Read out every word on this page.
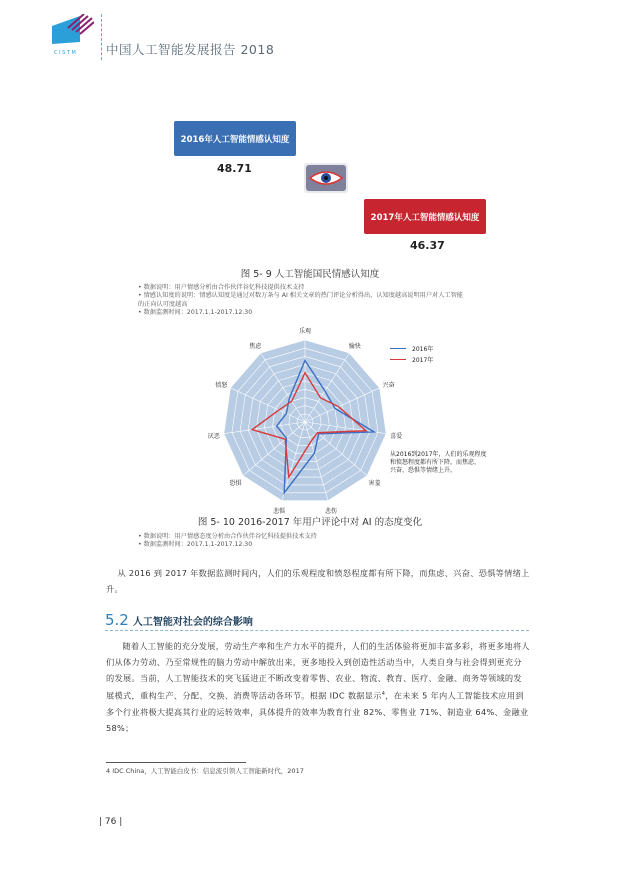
C I S T M 中国人工智能发展报告 2018
2016年人工智能情感认知度
48.71
2017年人工智能情感认知度
46.37
图 5- 9 人工智能国民情感认知度
• 数据说明：用户情感分析由合作伙伴谷忆科技提供技术支持
• 情感认知度的说明：情感认知度是通过对数万条与 AI 相关文章的热门评论分析得出，认知度越高说明用户对人工智能
的正向认可度越高
• 数据监测时间：2017.1.1-2017.12.30
乐观
愉快
兴奋
喜爱
害羞
悲伤
悲惧
恐惧
厌恶
愤怒
焦虑	2016年
2017年
从2016到2017年，人们的乐观程度
和愤怒程度都有所下降，而焦虑、
兴奋、恐惧等情绪上升。
图 5- 10 2016-2017 年用户评论中对 AI 的态度变化
• 数据说明：用户情感态度分析由合作伙伴谷忆科技提供技术支持
• 数据监测时间：2017.1.1-2017.12.30
从 2016 到 2017 年数据监测时间内，人们的乐观程度和愤怒程度都有所下降，而焦虑、兴奋、恐惧等情绪上升。
5.2 人工智能对社会的综合影响
随着人工智能的充分发展，劳动生产率和生产力水平的提升，人们的生活体验将更加丰富多彩，将更多地将人们从体力劳动、乃至常规性的脑力劳动中解放出来，更多地投入到创造性活动当中，人类自身与社会得到更充分的发展。当前，人工智能技术的突飞猛进正不断改变着零售、农业、物流、教育、医疗、金融、商务等领域的发展模式，重构生产、分配、交换、消费等活动各环节。根据 IDC 数据显示$^4$，在未来 5 年内人工智能技术应用到多个行业将极大提高其行业的运转效率，具体提升的效率为教育行业 82%、零售业 71%、制造业 64%、金融业 58%；
4 IDC China，人工智能白皮书：信息流引领人工智能新时代，2017
| 76 |
